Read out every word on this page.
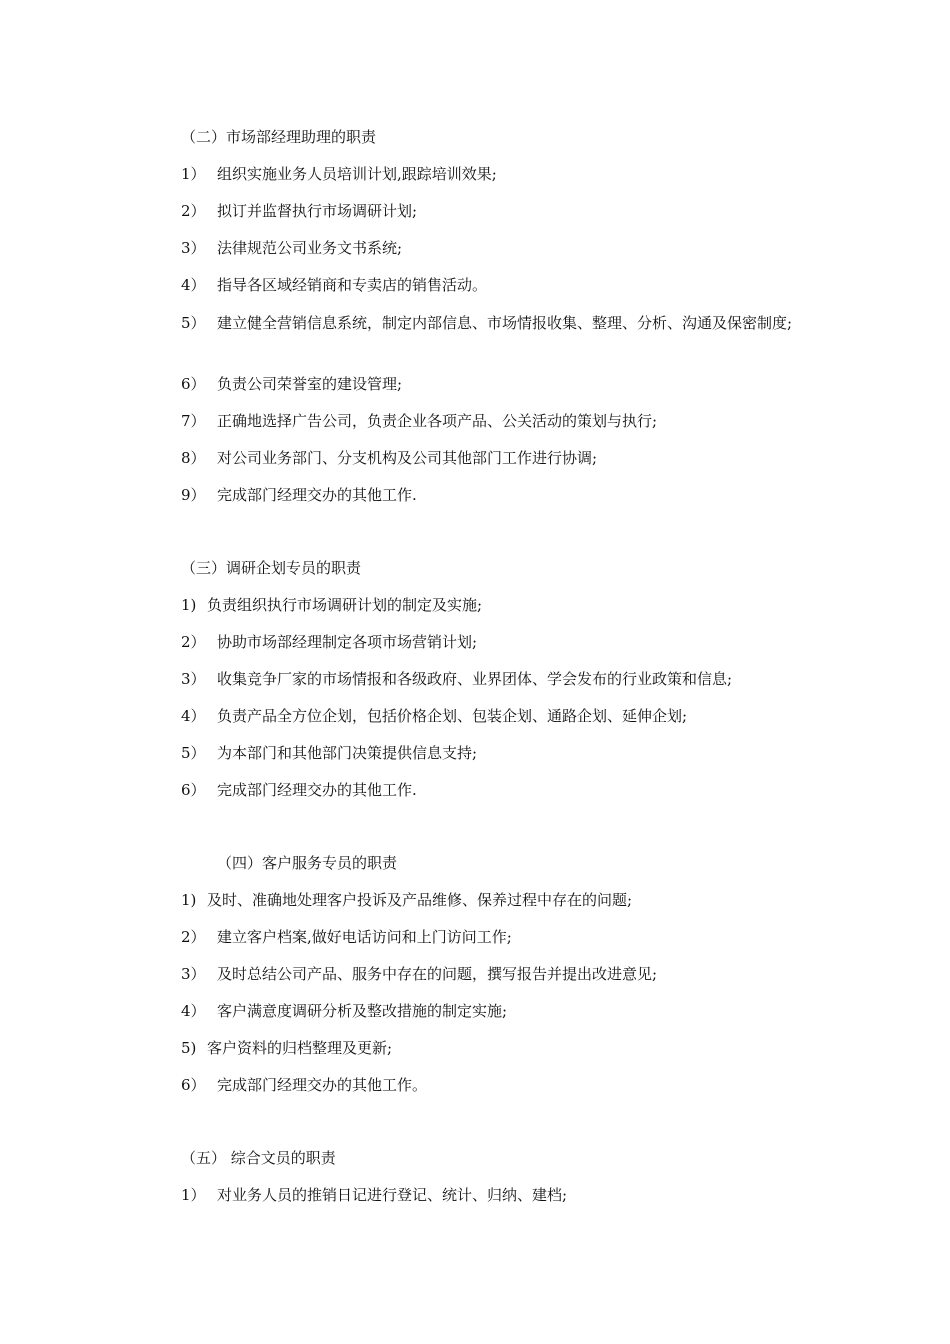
（二）市场部经理助理的职责
1） 组织实施业务人员培训计划,跟踪培训效果;
2） 拟订并监督执行市场调研计划;
3） 法律规范公司业务文书系统;
4） 指导各区域经销商和专卖店的销售活动。
5） 建立健全营销信息系统，制定内部信息、市场情报收集、整理、分析、沟通及保密制度;
6） 负责公司荣誉室的建设管理;
7） 正确地选择广告公司，负责企业各项产品、公关活动的策划与执行;
8） 对公司业务部门、分支机构及公司其他部门工作进行协调;
9） 完成部门经理交办的其他工作.
（三）调研企划专员的职责
1) 负责组织执行市场调研计划的制定及实施;
2） 协助市场部经理制定各项市场营销计划;
3） 收集竞争厂家的市场情报和各级政府、业界团体、学会发布的行业政策和信息;
4） 负责产品全方位企划，包括价格企划、包装企划、通路企划、延伸企划;
5） 为本部门和其他部门决策提供信息支持;
6） 完成部门经理交办的其他工作.
（四）客户服务专员的职责
1) 及时、准确地处理客户投诉及产品维修、保养过程中存在的问题;
2） 建立客户档案,做好电话访问和上门访问工作;
3） 及时总结公司产品、服务中存在的问题，撰写报告并提出改进意见;
4） 客户满意度调研分析及整改措施的制定实施;
5) 客户资料的归档整理及更新;
6） 完成部门经理交办的其他工作。
（五） 综合文员的职责
1） 对业务人员的推销日记进行登记、统计、归纳、建档;
